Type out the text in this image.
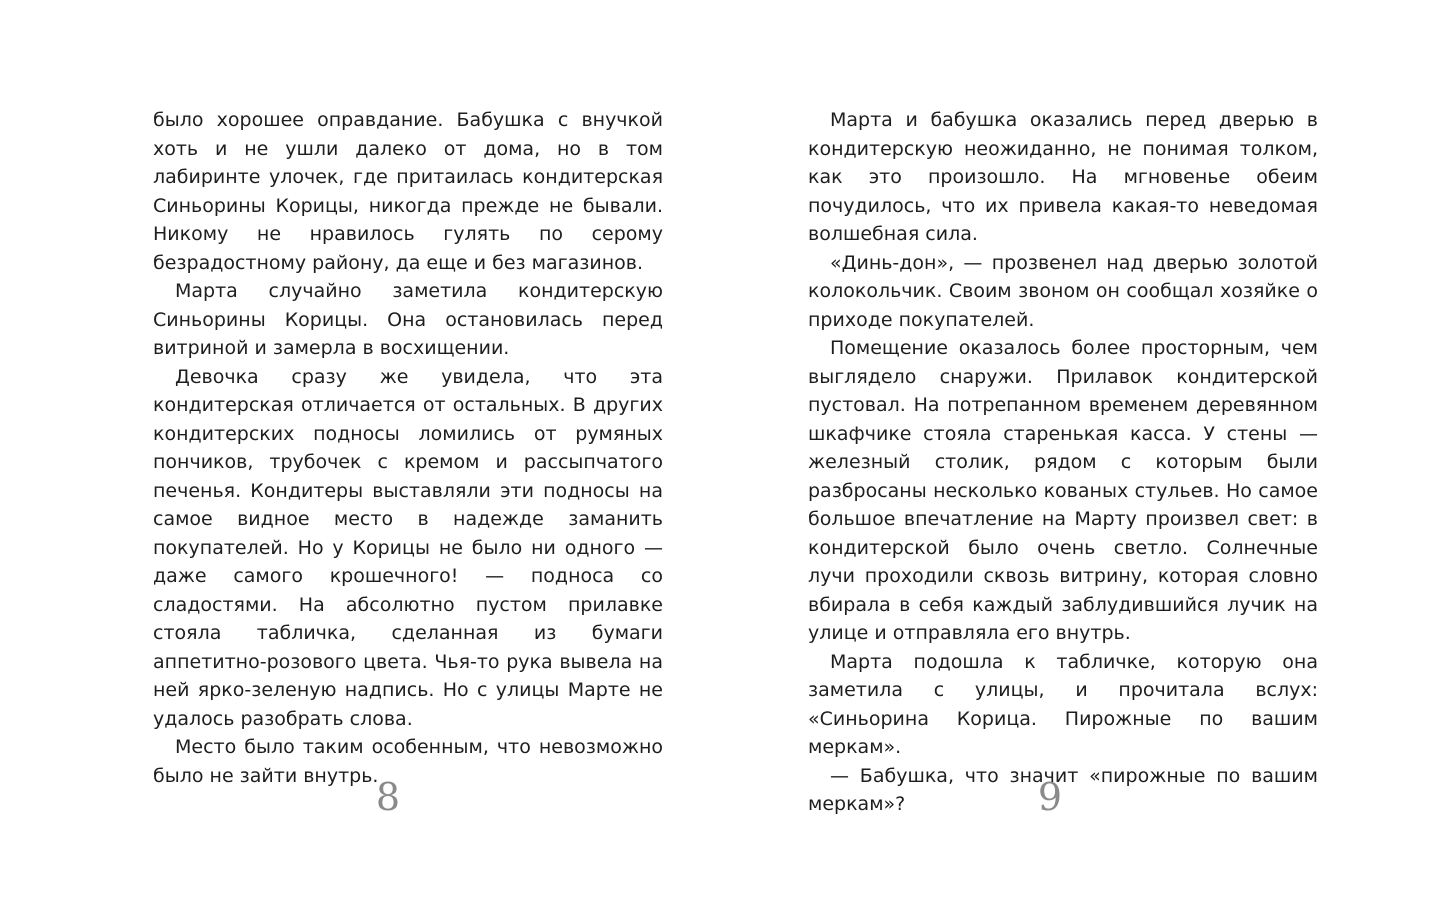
было хорошее оправдание. Бабушка с внучкой хоть и не ушли далеко от дома, но в том лабиринте улочек, где притаилась кондитерская Синьорины Корицы, никогда прежде не бывали. Никому не нравилось гулять по серому безрадостному району, да еще и без магазинов.

Марта случайно заметила кондитерскую Синьорины Корицы. Она остановилась перед витриной и замерла в восхищении.

Девочка сразу же увидела, что эта кондитерская отличается от остальных. В других кондитерских подносы ломились от румяных пончиков, трубочек с кремом и рассыпчатого печенья. Кондитеры выставляли эти подносы на самое видное место в надежде заманить покупателей. Но у Корицы не было ни одного — даже самого крошечного! — подноса со сладостями. На абсолютно пустом прилавке стояла табличка, сделанная из бумаги аппетитно-розового цвета. Чья-то рука вывела на ней ярко-зеленую надпись. Но с улицы Марте не удалось разобрать слова.

Место было таким особенным, что невозможно было не зайти внутрь.

Марта и бабушка оказались перед дверью в кондитерскую неожиданно, не понимая толком, как это произошло. На мгновенье обеим почудилось, что их привела какая-то неведомая волшебная сила.

«Динь-дон», — прозвенел над дверью золотой колокольчик. Своим звоном он сообщал хозяйке о приходе покупателей.

Помещение оказалось более просторным, чем выглядело снаружи. Прилавок кондитерской пустовал. На потрепанном временем деревянном шкафчике стояла старенькая касса. У стены — железный столик, рядом с которым были разбросаны несколько кованых стульев. Но самое большое впечатление на Марту произвел свет: в кондитерской было очень светло. Солнечные лучи проходили сквозь витрину, которая словно вбирала в себя каждый заблудившийся лучик на улице и отправляла его внутрь.

Марта подошла к табличке, которую она заметила с улицы, и прочитала вслух: «Синьорина Корица. Пирожные по вашим меркам».

— Бабушка, что значит «пирожные по вашим меркам»?

8	9
